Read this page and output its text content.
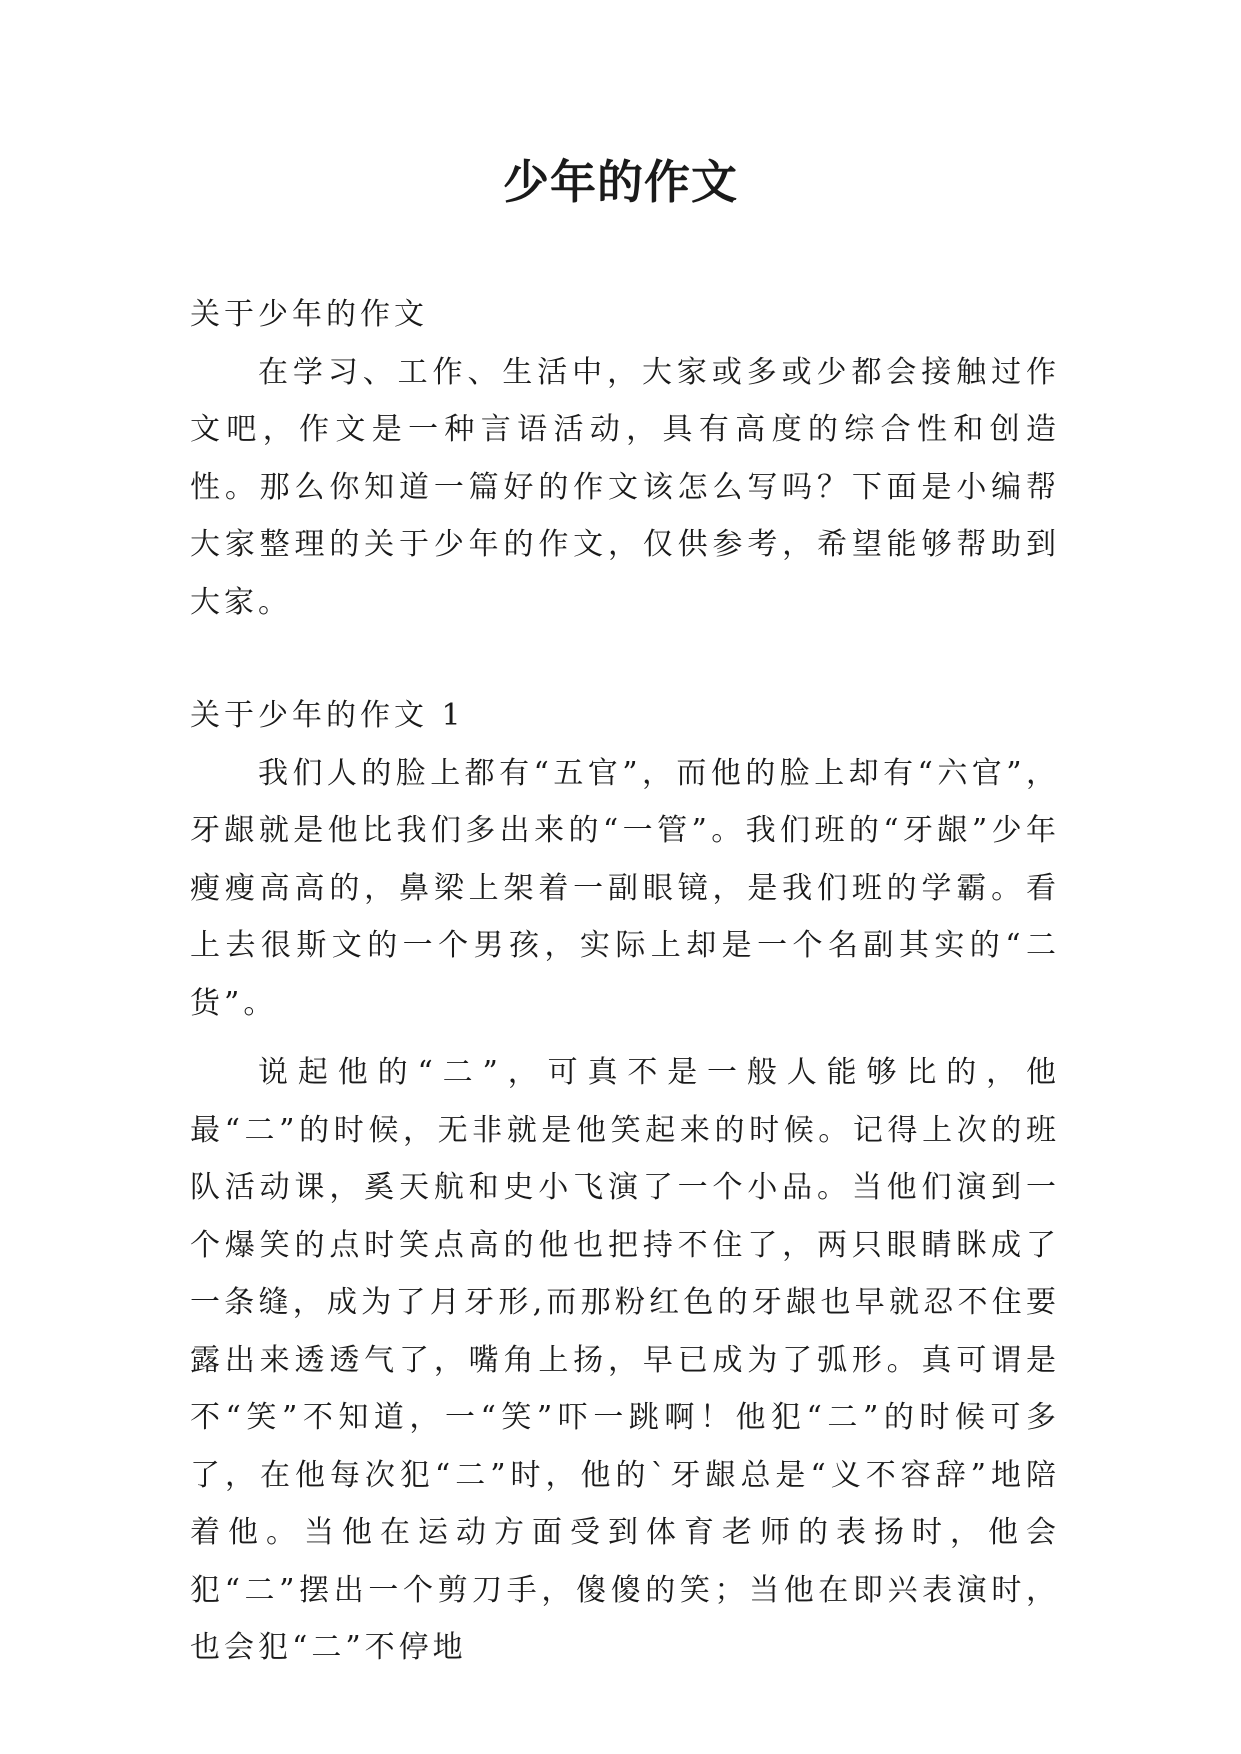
少年的作文

关于少年的作文

在学习、工作、生活中，大家或多或少都会接触过作文吧，作文是一种言语活动，具有高度的综合性和创造性。那么你知道一篇好的作文该怎么写吗？下面是小编帮大家整理的关于少年的作文，仅供参考，希望能够帮助到大家。

关于少年的作文 1

我们人的脸上都有“五官”，而他的脸上却有“六官”，牙龈就是他比我们多出来的“一管”。我们班的“牙龈”少年瘦瘦高高的，鼻梁上架着一副眼镜，是我们班的学霸。看上去很斯文的一个男孩，实际上却是一个名副其实的“二货”。

说起他的“二”，可真不是一般人能够比的，他最“二”的时候，无非就是他笑起来的时候。记得上次的班队活动课，奚天航和史小飞演了一个小品。当他们演到一个爆笑的点时笑点高的他也把持不住了，两只眼睛眯成了一条缝，成为了月牙形,而那粉红色的牙龈也早就忍不住要露出来透透气了，嘴角上扬，早已成为了弧形。真可谓是不“笑”不知道，一“笑”吓一跳啊！他犯“二”的时候可多了，在他每次犯“二”时，他的`牙龈总是“义不容辞”地陪着他。当他在运动方面受到体育老师的表扬时，他会犯“二”摆出一个剪刀手，傻傻的笑；当他在即兴表演时，也会犯“二”不停地
